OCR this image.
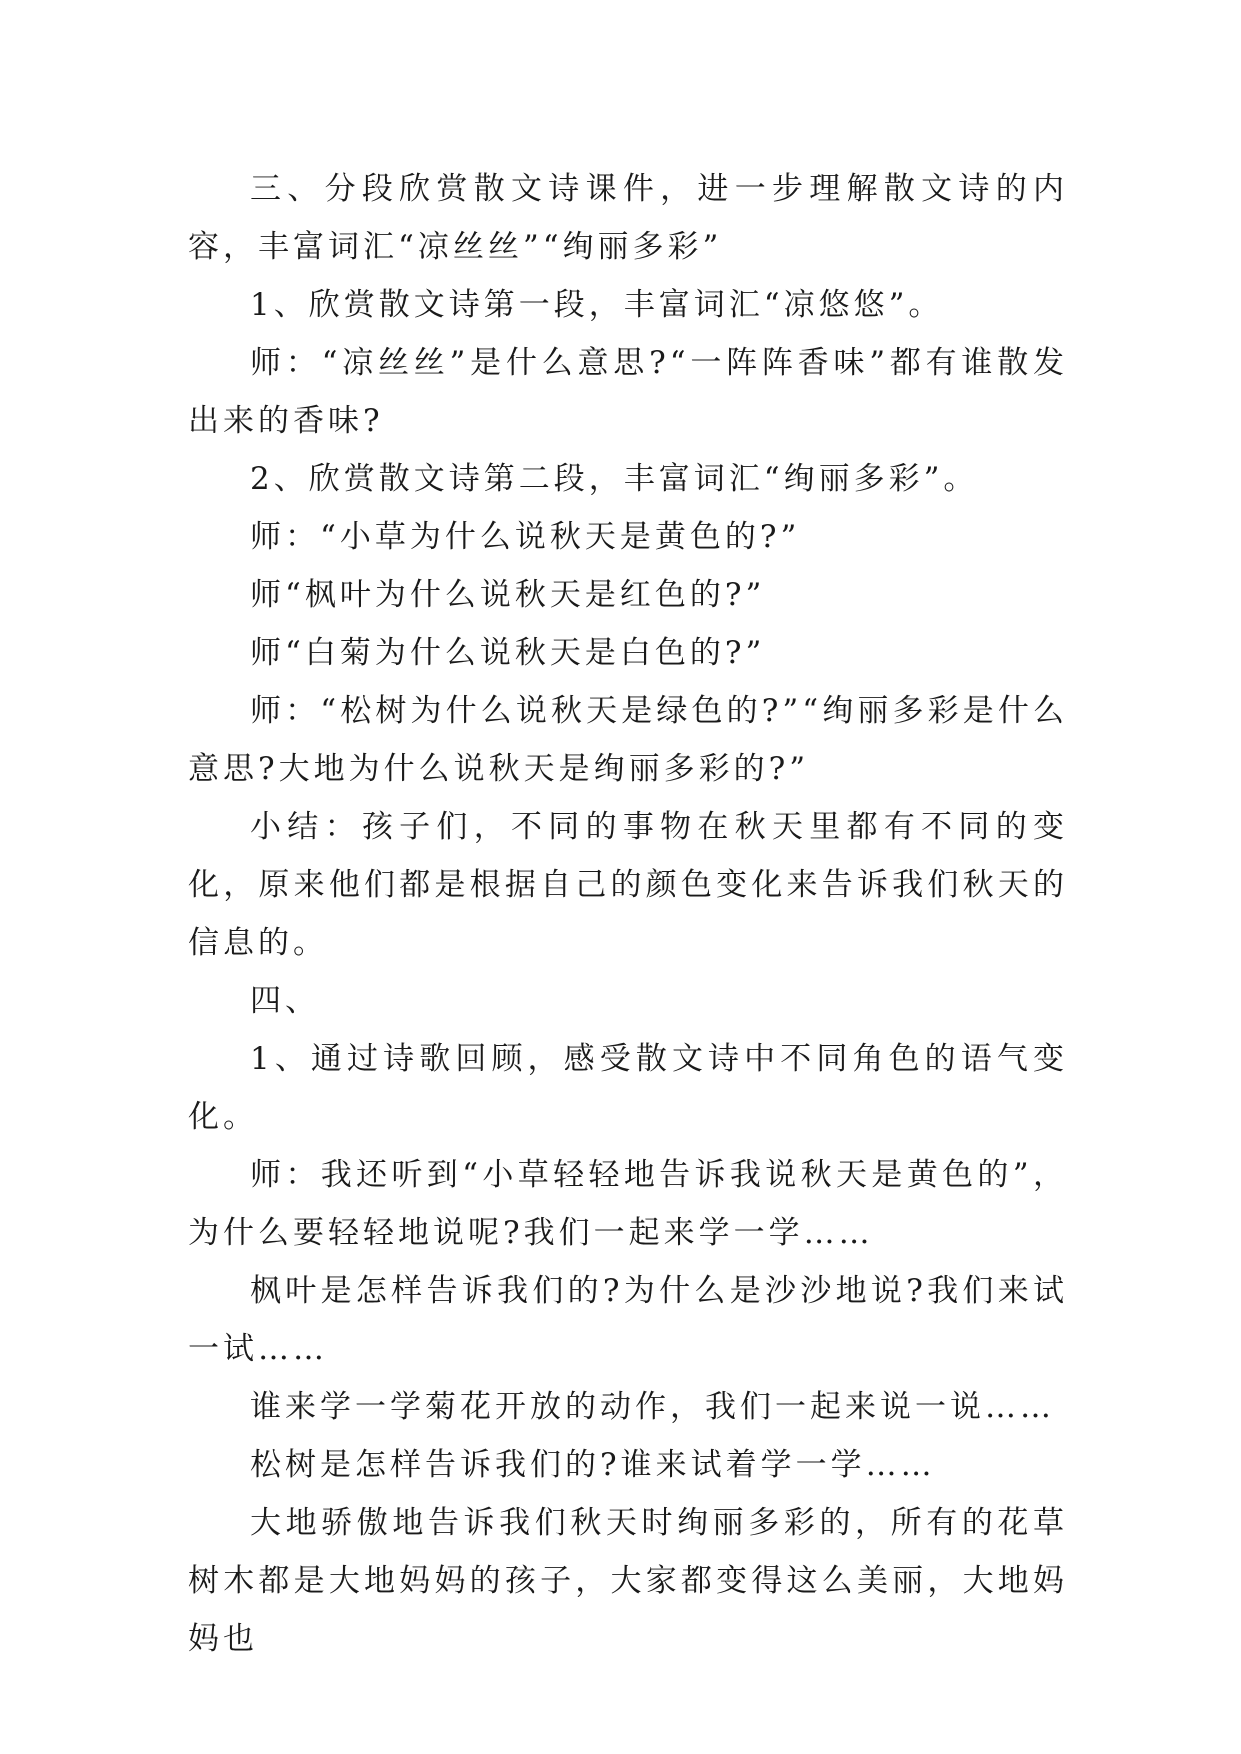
三、分段欣赏散文诗课件，进一步理解散文诗的内容，丰富词汇“凉丝丝”“绚丽多彩”

1、欣赏散文诗第一段，丰富词汇“凉悠悠”。

师：“凉丝丝”是什么意思?“一阵阵香味”都有谁散发出来的香味?

2、欣赏散文诗第二段，丰富词汇“绚丽多彩”。

师：“小草为什么说秋天是黄色的?”

师“枫叶为什么说秋天是红色的?”

师“白菊为什么说秋天是白色的?”

师：“松树为什么说秋天是绿色的?”“绚丽多彩是什么意思?大地为什么说秋天是绚丽多彩的?”

小结：孩子们，不同的事物在秋天里都有不同的变化，原来他们都是根据自己的颜色变化来告诉我们秋天的信息的。

四、

1、通过诗歌回顾，感受散文诗中不同角色的语气变化。

师：我还听到“小草轻轻地告诉我说秋天是黄色的”，为什么要轻轻地说呢?我们一起来学一学……

枫叶是怎样告诉我们的?为什么是沙沙地说?我们来试一试……

谁来学一学菊花开放的动作，我们一起来说一说……

松树是怎样告诉我们的?谁来试着学一学……

大地骄傲地告诉我们秋天时绚丽多彩的，所有的花草树木都是大地妈妈的孩子，大家都变得这么美丽，大地妈妈也
